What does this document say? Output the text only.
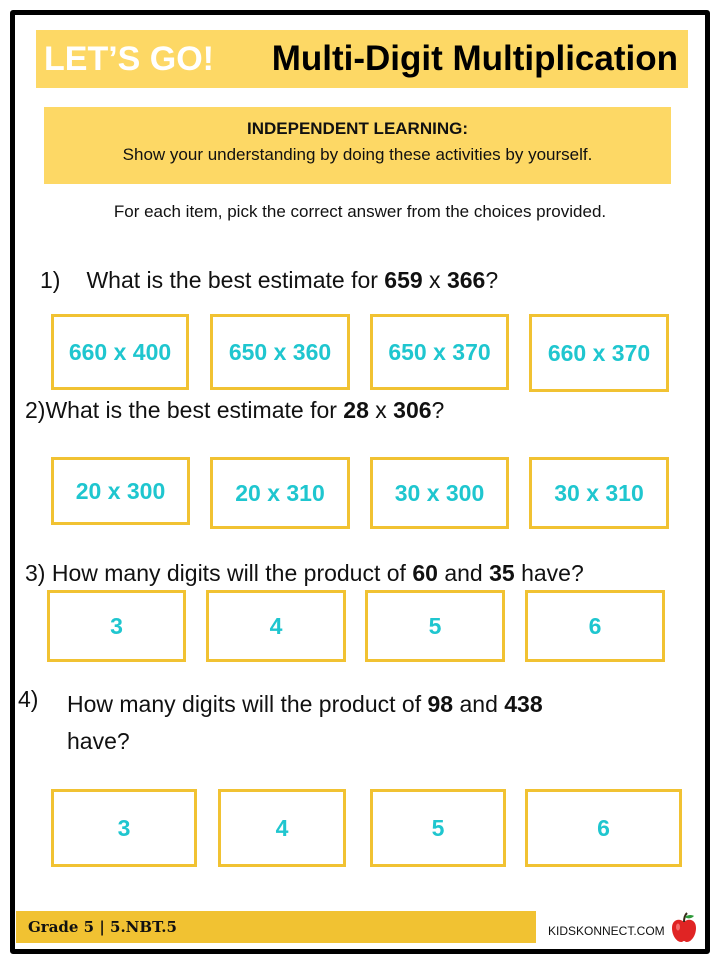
LET’S GO! Multi-Digit Multiplication
INDEPENDENT LEARNING:
Show your understanding by doing these activities by yourself.
For each item, pick the correct answer from the choices provided.
1) What is the best estimate for 659 x 366?
660 x 400	650 x 360	650 x 370	660 x 370
2)What is the best estimate for 28 x 306?
20 x 300	20 x 310	30 x 300	30 x 310
3) How many digits will the product of 60 and 35 have?
3	4	5	6
4) How many digits will the product of 98 and 438
have?
3	4	5	6
Grade 5 | 5.NBT.5	KIDSKONNECT.COM
